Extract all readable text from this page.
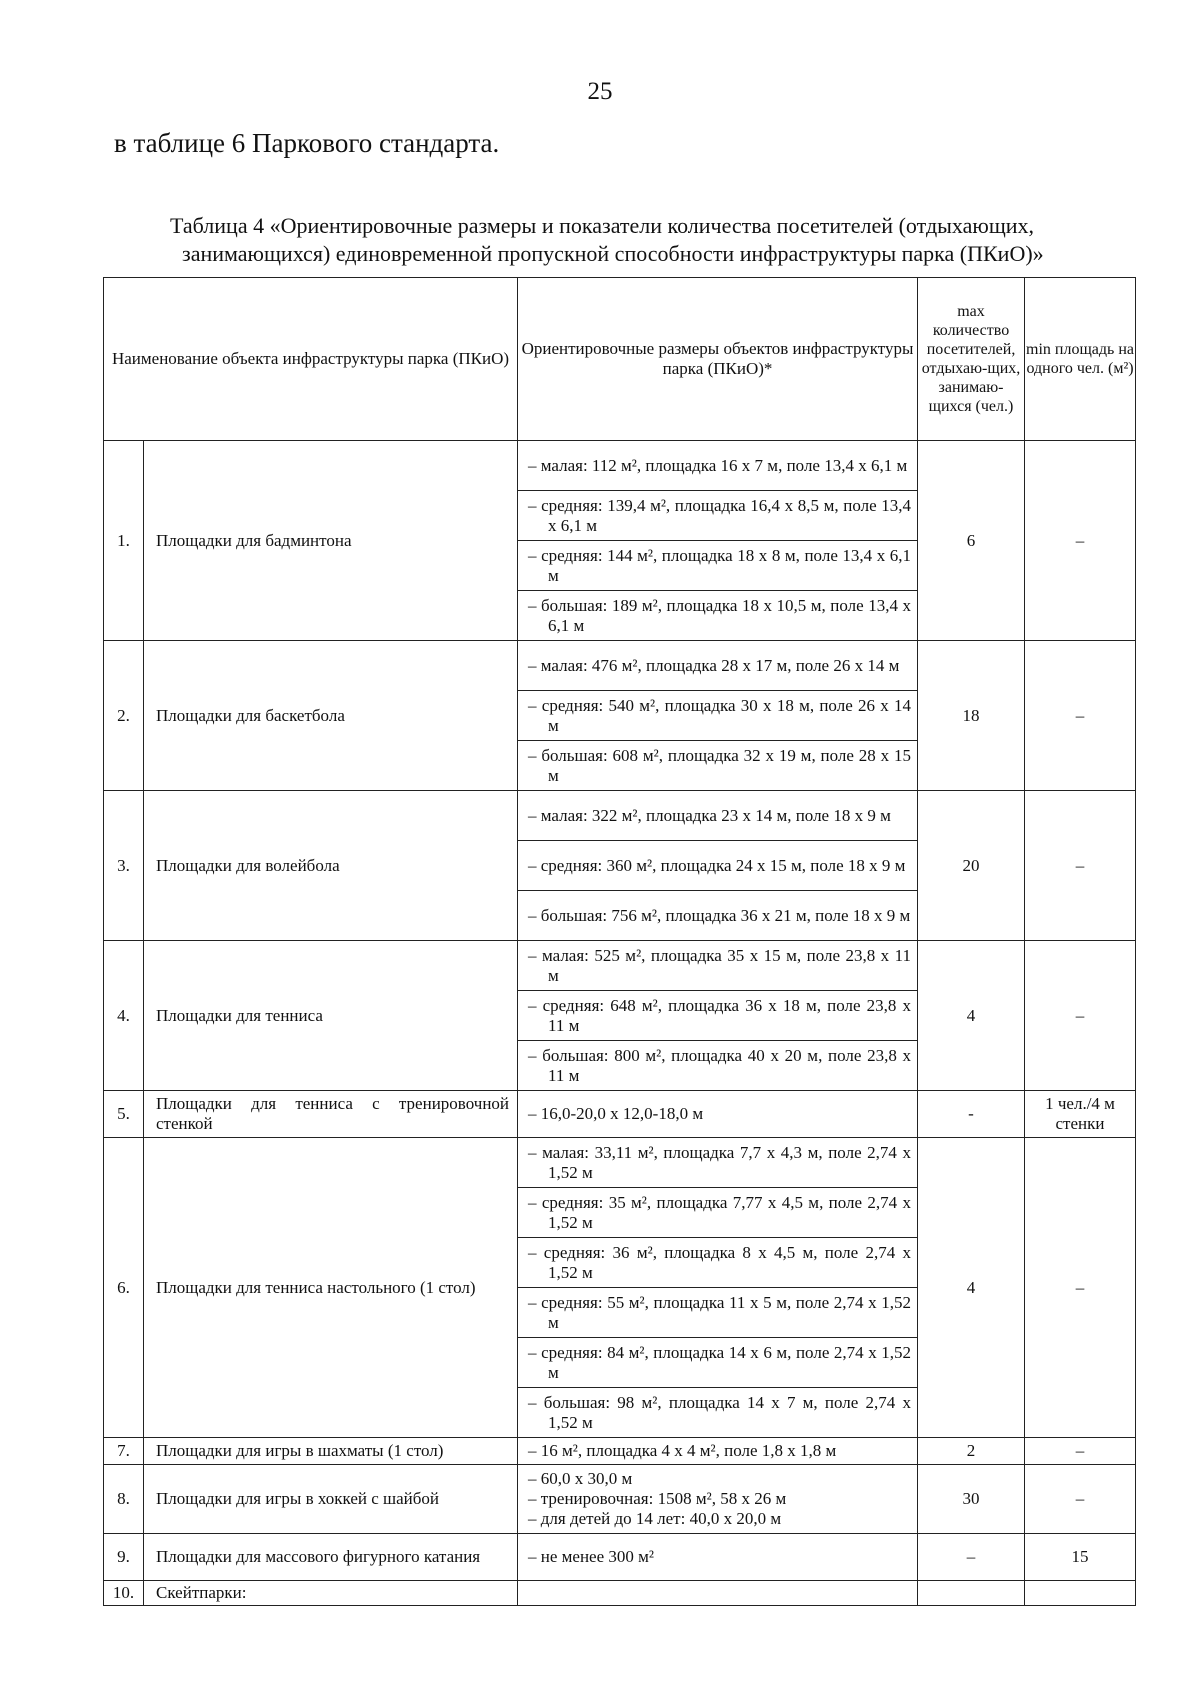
25
в таблице 6 Паркового стандарта.
Таблица 4 «Ориентировочные размеры и показатели количества посетителей (отдыхающих,
занимающихся) единовременной пропускной способности инфраструктуры парка (ПКиО)»
Наименование объекта инфраструктуры парка (ПКиО)		Ориентировочные размеры объектов инфраструктуры парка (ПКиО)*	max количество посетителей, отдыхаю-щих, занимаю-щихся (чел.)	min площадь на одного чел. (м²)
1.	Площадки для бадминтона	– малая: 112 м², площадка 16 х 7 м, поле 13,4 х 6,1 м	6	–

		– средняя: 139,4 м², площадка 16,4 х 8,5 м, поле 13,4 х 6,1 м		

		– средняя: 144 м², площадка 18 х 8 м, поле 13,4 х 6,1 м		

		– большая: 189 м², площадка 18 х 10,5 м, поле 13,4 х 6,1 м		

2.	Площадки для баскетбола	– малая: 476 м², площадка 28 х 17 м, поле 26 х 14 м	18	–

		– средняя: 540 м², площадка 30 х 18 м, поле 26 х 14 м		

		– большая: 608 м², площадка 32 х 19 м, поле 28 х 15 м		

3.	Площадки для волейбола	– малая: 322 м², площадка 23 х 14 м, поле 18 х 9 м	20	–

		– средняя: 360 м², площадка 24 х 15 м, поле 18 х 9 м		

		– большая: 756 м², площадка 36 х 21 м, поле 18 х 9 м		

4.	Площадки для тенниса	– малая: 525 м², площадка 35 х 15 м, поле 23,8 х 11 м	4	–

		– средняя: 648 м², площадка 36 х 18 м, поле 23,8 х 11 м		

		– большая: 800 м², площадка 40 х 20 м, поле 23,8 х 11 м		

5.	Площадки для тенниса с тренировочной стенкой	– 16,0-20,0 х 12,0-18,0 м	-	1 чел./4 м стенки
6.	Площадки для тенниса настольного (1 стол)	– малая: 33,11 м², площадка 7,7 х 4,3 м, поле 2,74 х 1,52 м	4	–

		– средняя: 35 м², площадка 7,77 х 4,5 м, поле 2,74 х 1,52 м		

		– средняя: 36 м², площадка 8 х 4,5 м, поле 2,74 х 1,52 м		

		– средняя: 55 м², площадка 11 х 5 м, поле 2,74 х 1,52 м		

		– средняя: 84 м², площадка 14 х 6 м, поле 2,74 х 1,52 м		

		– большая: 98 м², площадка 14 х 7 м, поле 2,74 х 1,52 м		

7.	Площадки для игры в шахматы (1 стол)	– 16 м², площадка 4 х 4 м², поле 1,8 х 1,8 м	2	–
8.	Площадки для игры в хоккей с шайбой	– 60,0 х 30,0 м
– тренировочная: 1508 м², 58 х 26 м
– для детей до 14 лет: 40,0 х 20,0 м	30	–
9.	Площадки для массового фигурного катания	– не менее 300 м²	–	15
10.	Скейтпарки:			
